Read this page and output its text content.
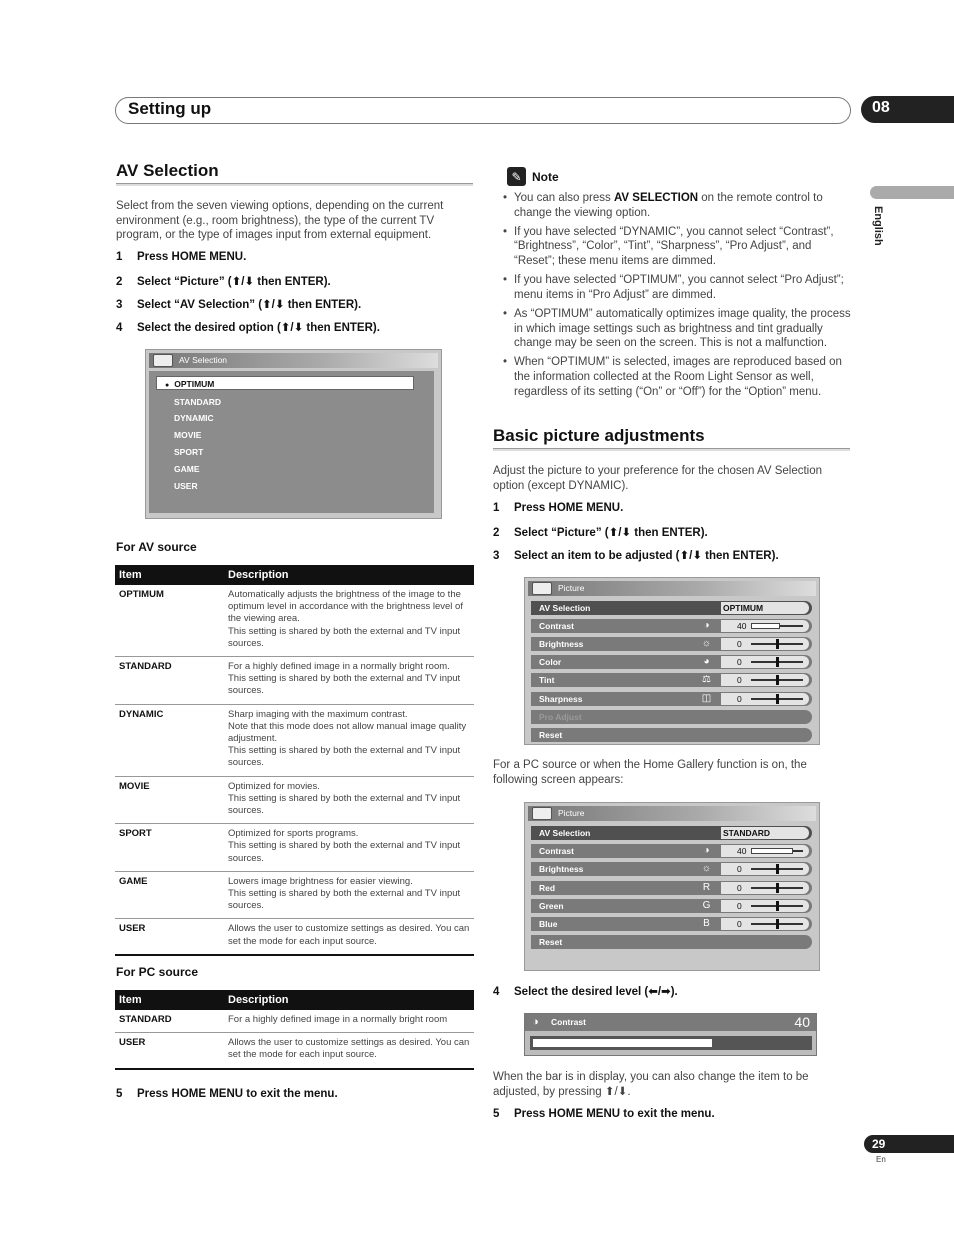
Setting up	08
English
AV Selection
Select from the seven viewing options, depending on the current environment (e.g., room brightness), the type of the current TV program, or the type of images input from external equipment.
1 Press HOME MENU.
2 Select “Picture” (⬆/⬇ then ENTER).
3 Select “AV Selection” (⬆/⬇ then ENTER).
4 Select the desired option (⬆/⬇ then ENTER).
AV Selection
● OPTIMUM
STANDARD
DYNAMIC
MOVIE
SPORT
GAME
USER
For AV source
Item	Description
OPTIMUM	Automatically adjusts the brightness of the image to the optimum level in accordance with the brightness level of the viewing area.
This setting is shared by both the external and TV input sources.

STANDARD	For a highly defined image in a normally bright room.
This setting is shared by both the external and TV input sources.

DYNAMIC	Sharp imaging with the maximum contrast.
Note that this mode does not allow manual image quality adjustment.
This setting is shared by both the external and TV input sources.

MOVIE	Optimized for movies.
This setting is shared by both the external and TV input sources.

SPORT	Optimized for sports programs.
This setting is shared by both the external and TV input sources.

GAME	Lowers image brightness for easier viewing.
This setting is shared by both the external and TV input sources.

USER	Allows the user to customize settings as desired. You can set the mode for each input source.
For PC source
Item	Description
STANDARD	For a highly defined image in a normally bright room

USER	Allows the user to customize settings as desired. You can set the mode for each input source.
5 Press HOME MENU to exit the menu.
✎ Note
• You can also press AV SELECTION on the remote control to change the viewing option.
• If you have selected “DYNAMIC”, you cannot select “Contrast”, “Brightness”, “Color”, “Tint”, “Sharpness”, “Pro Adjust”, and “Reset”; these menu items are dimmed.
• If you have selected “OPTIMUM”, you cannot select “Pro Adjust”; menu items in “Pro Adjust” are dimmed.
• As “OPTIMUM” automatically optimizes image quality, the process in which image settings such as brightness and tint gradually change may be seen on the screen. This is not a malfunction.
• When “OPTIMUM” is selected, images are reproduced based on the information collected at the Room Light Sensor as well, regardless of its setting (“On” or “Off”) for the “Option” menu.
Basic picture adjustments
Adjust the picture to your preference for the chosen AV Selection option (except DYNAMIC).
1 Press HOME MENU.
2 Select “Picture” (⬆/⬇ then ENTER).
3 Select an item to be adjusted (⬆/⬇ then ENTER).
Picture
AV Selection	OPTIMUM
Contrast	◑	40
Brightness	☼	0
Color	◕	0
Tint	⚖	0
Sharpness	◫	0
Pro Adjust
Reset
For a PC source or when the Home Gallery function is on, the following screen appears:
Picture
AV Selection	STANDARD
Contrast	◑	40
Brightness	☼	0
Red	R	0
Green	G	0
Blue	B	0
Reset
4 Select the desired level (⬅/➡).
◑	Contrast	40
When the bar is in display, you can also change the item to be adjusted, by pressing ⬆/⬇.
5 Press HOME MENU to exit the menu.
29
En
